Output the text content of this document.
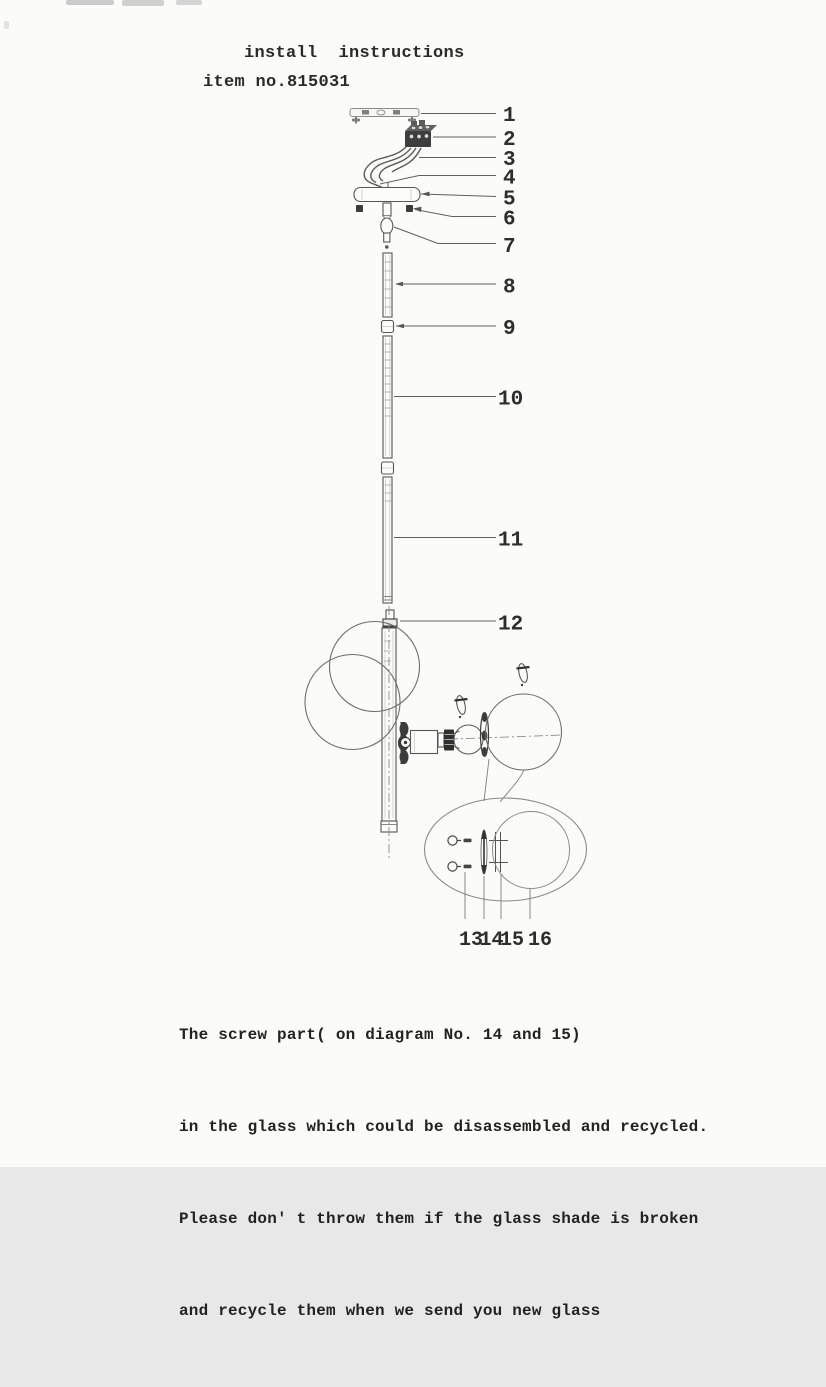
install  instructions
item no.815031
1
2
3
4
5
6
7
8
9
10
11
12
13
14
15 16

The screw part( on diagram No. 14 and 15)

in the glass which could be disassembled and recycled.

Please don' t throw them if the glass shade is broken

and recycle them when we send you new glass
